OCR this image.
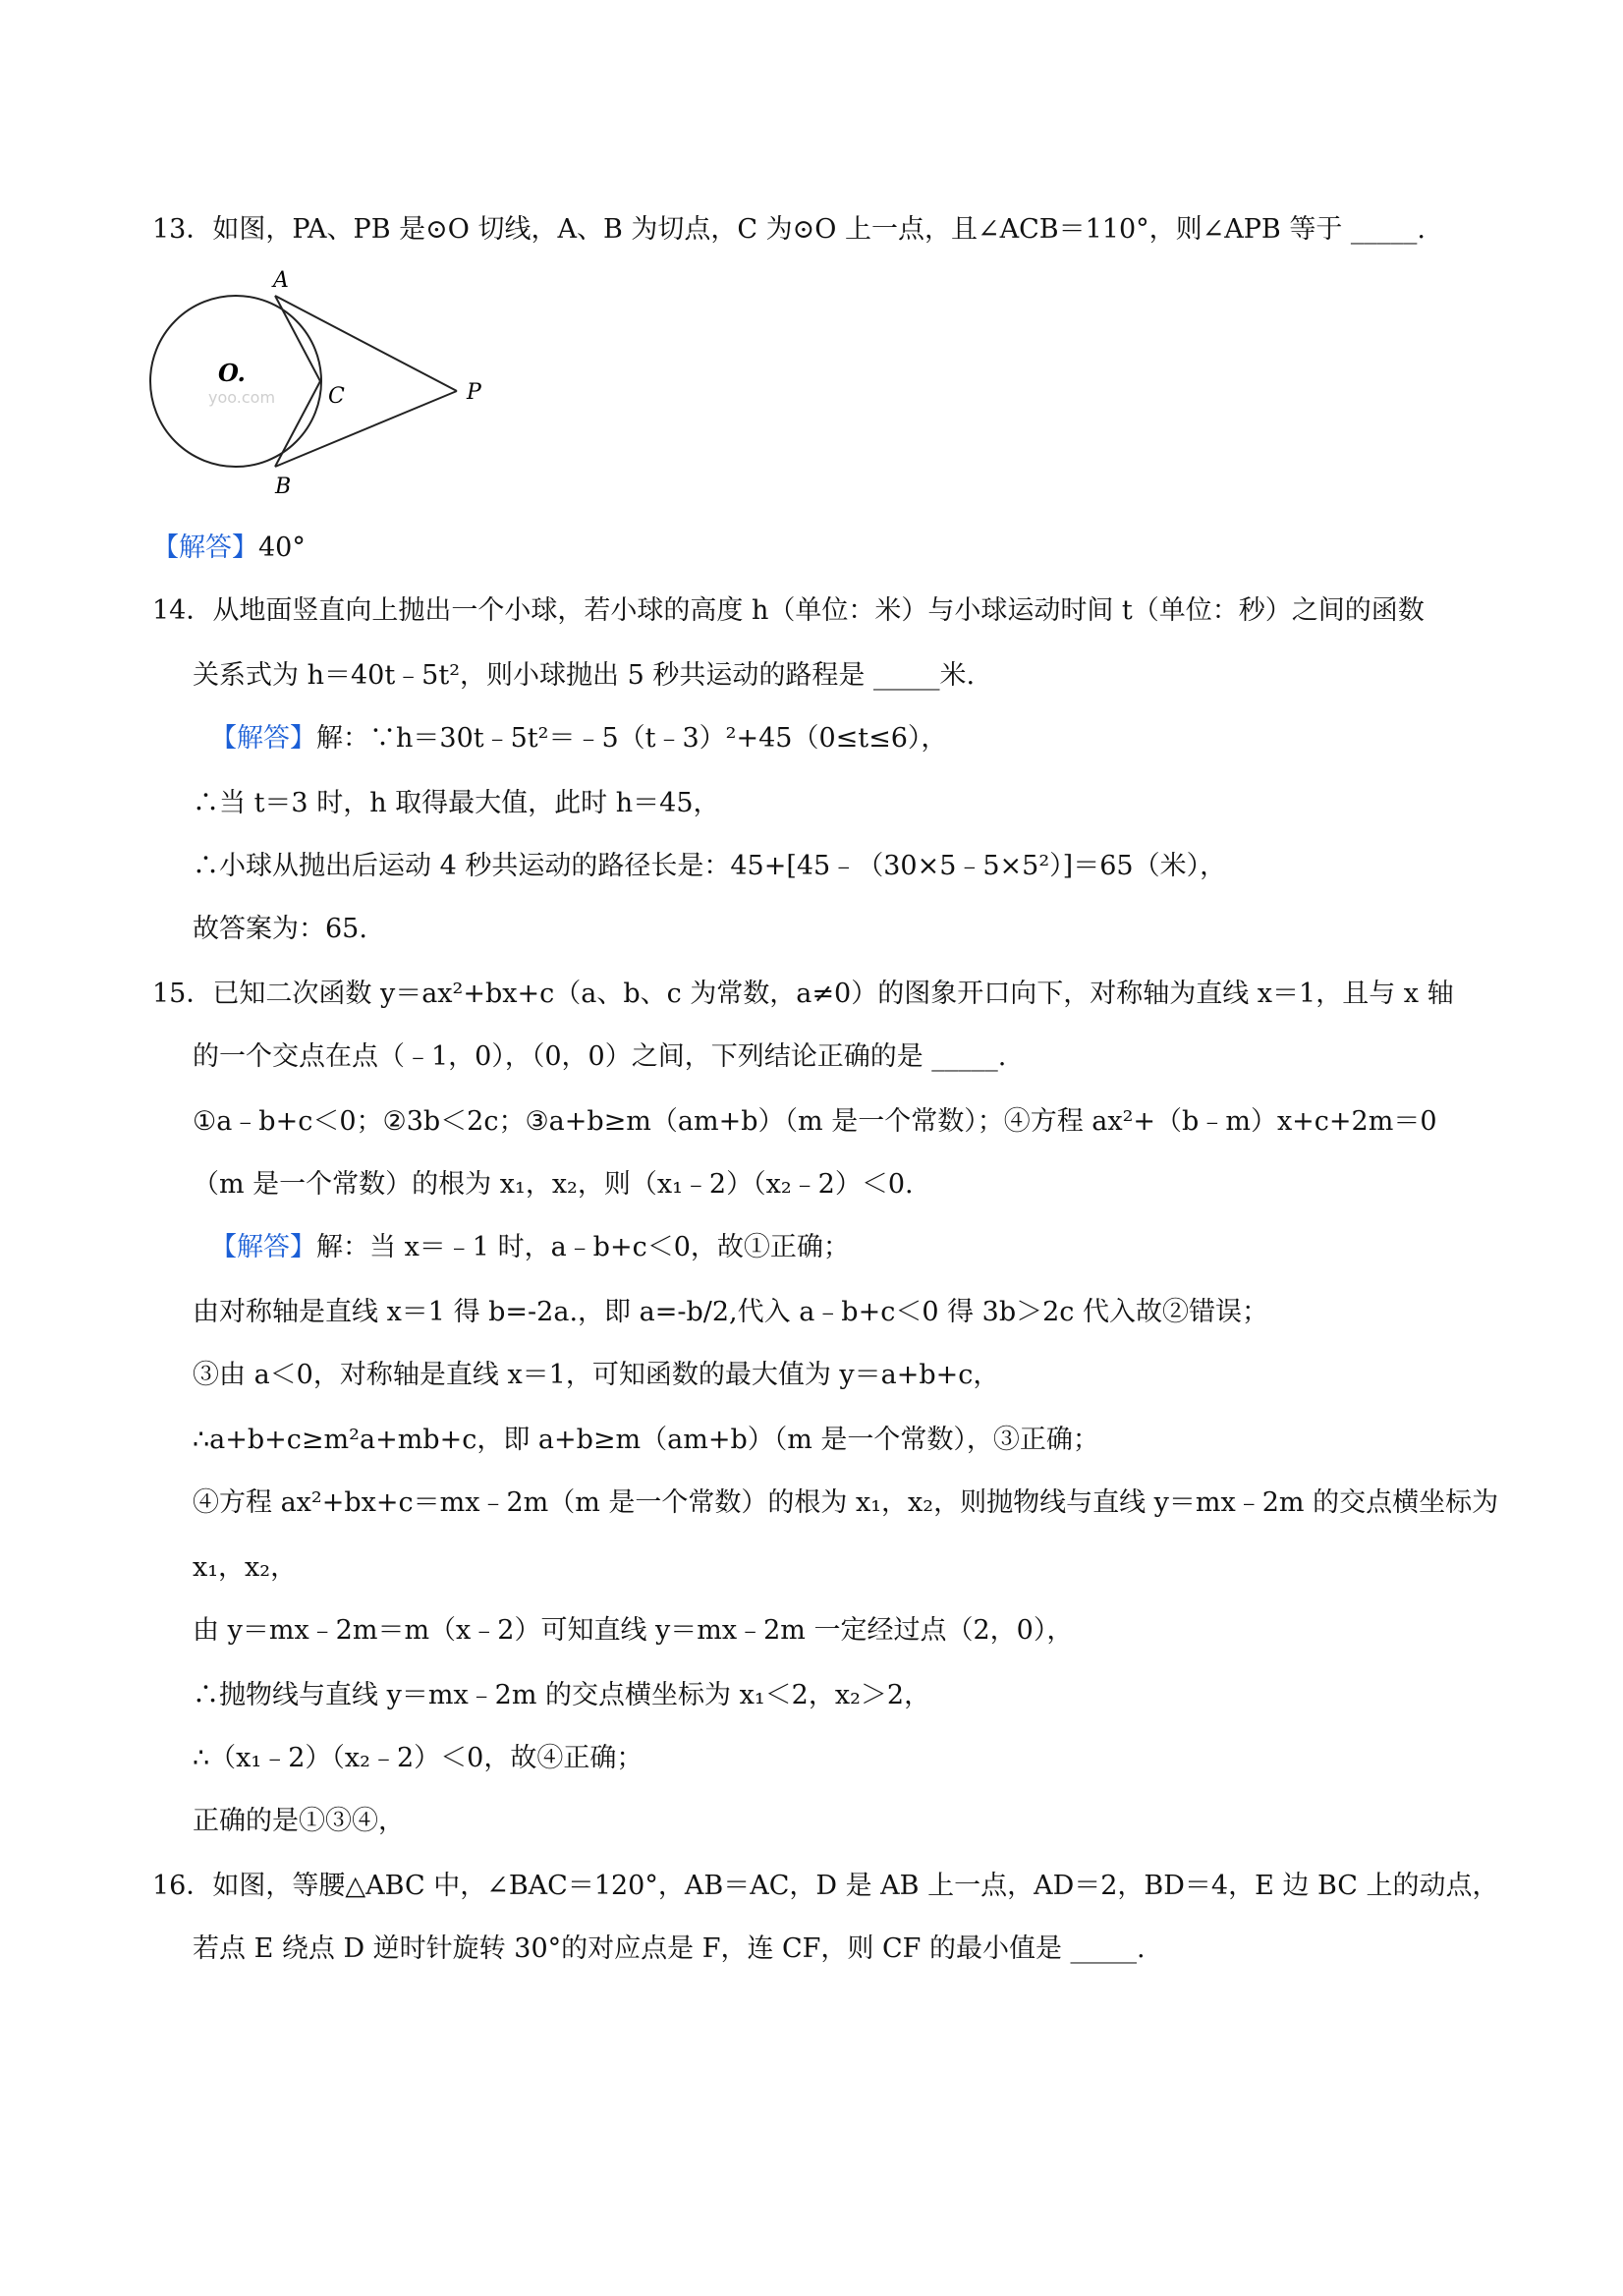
13．如图，PA、PB 是⊙O 切线，A、B 为切点，C 为⊙O 上一点，且∠ACB＝110°，则∠APB 等于 _____.
A
B
C	P
O.
yoo.com
【解答】40°
14．从地面竖直向上抛出一个小球，若小球的高度 h（单位：米）与小球运动时间 t（单位：秒）之间的函数
关系式为 h＝40t﹣5t²，则小球抛出 5 秒共运动的路程是 _____米.
【解答】解：∵h＝30t﹣5t²＝﹣5（t﹣3）²+45（0≤t≤6），
∴当 t＝3 时，h 取得最大值，此时 h＝45，
∴小球从抛出后运动 4 秒共运动的路径长是：45+[45﹣（30×5﹣5×5²）]＝65（米），
故答案为：65.
15．已知二次函数 y＝ax²+bx+c（a、b、c 为常数，a≠0）的图象开口向下，对称轴为直线 x＝1，且与 x 轴
的一个交点在点（﹣1，0），（0，0）之间，下列结论正确的是 _____.
①a﹣b+c＜0；②3b＜2c；③a+b≥m（am+b）（m 是一个常数）；④方程 ax²+（b﹣m）x+c+2m＝0
（m 是一个常数）的根为 x₁，x₂，则（x₁﹣2）（x₂﹣2）＜0.
【解答】解：当 x＝﹣1 时，a﹣b+c＜0，故①正确；
由对称轴是直线 x＝1 得 b=-2a.，即 a=-b/2,代入 a﹣b+c＜0 得 3b＞2c 代入故②错误；
③由 a＜0，对称轴是直线 x＝1，可知函数的最大值为 y＝a+b+c，
∴a+b+c≥m²a+mb+c，即 a+b≥m（am+b）（m 是一个常数），③正确；
④方程 ax²+bx+c＝mx﹣2m（m 是一个常数）的根为 x₁，x₂，则抛物线与直线 y＝mx﹣2m 的交点横坐标为
x₁，x₂，
由 y＝mx﹣2m＝m（x﹣2）可知直线 y＝mx﹣2m 一定经过点（2，0），
∴抛物线与直线 y＝mx﹣2m 的交点横坐标为 x₁＜2，x₂＞2，
∴（x₁﹣2）（x₂﹣2）＜0，故④正确；
正确的是①③④，
16．如图，等腰△ABC 中，∠BAC＝120°，AB＝AC，D 是 AB 上一点，AD＝2，BD＝4，E 边 BC 上的动点，
若点 E 绕点 D 逆时针旋转 30°的对应点是 F，连 CF，则 CF 的最小值是 _____.
